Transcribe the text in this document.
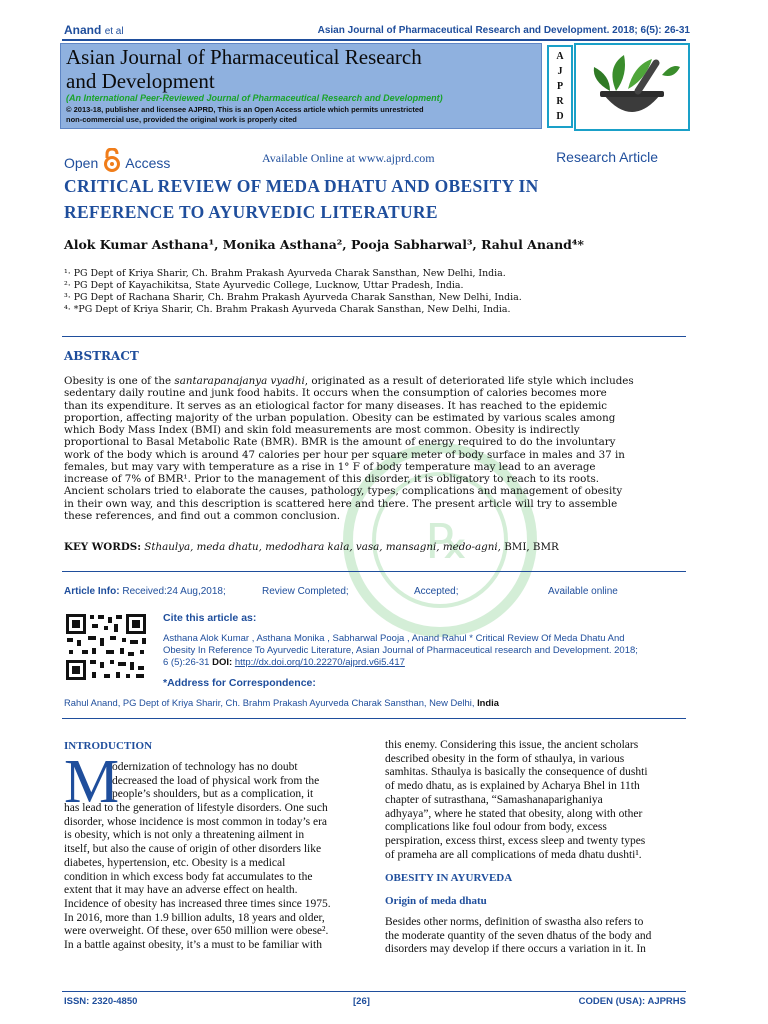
Anand et al	Asian Journal of Pharmaceutical Research and Development. 2018; 6(5): 26-31
Asian Journal of Pharmaceutical Research
and Development
(An International Peer-Reviewed Journal of Pharmaceutical Research and Development)
© 2013-18, publisher and licensee AJPRD, This is an Open Access article which permits unrestricted
non-commercial use, provided the original work is properly cited
A
J
P
R
D
Open Access	Available Online at www.ajprd.com	Research Article
CRITICAL REVIEW OF MEDA DHATU AND OBESITY IN
REFERENCE TO AYURVEDIC LITERATURE
Alok Kumar Asthana¹, Monika Asthana², Pooja Sabharwal³, Rahul Anand⁴*
¹· PG Dept of Kriya Sharir, Ch. Brahm Prakash Ayurveda Charak Sansthan, New Delhi, India.
²· PG Dept of Kayachikitsa, State Ayurvedic College, Lucknow, Uttar Pradesh, India.
³· PG Dept of Rachana Sharir, Ch. Brahm Prakash Ayurveda Charak Sansthan, New Delhi, India.
⁴· *PG Dept of Kriya Sharir, Ch. Brahm Prakash Ayurveda Charak Sansthan, New Delhi, India.
℞
ABSTRACT
Obesity is one of the santarapanajanya vyadhi, originated as a result of deteriorated life style which includes
sedentary daily routine and junk food habits. It occurs when the consumption of calories becomes more
than its expenditure. It serves as an etiological factor for many diseases. It has reached to the epidemic
proportion, affecting majority of the urban population. Obesity can be estimated by various scales among
which Body Mass Index (BMI) and skin fold measurements are most common. Obesity is indirectly
proportional to Basal Metabolic Rate (BMR). BMR is the amount of energy required to do the involuntary
work of the body which is around 47 calories per hour per square meter of body surface in males and 37 in
females, but may vary with temperature as a rise in 1° F of body temperature may lead to an average
increase of 7% of BMR¹. Prior to the management of this disorder, it is obligatory to reach to its roots.
Ancient scholars tried to elaborate the causes, pathology, types, complications and management of obesity
in their own way, and this description is scattered here and there. The present article will try to assemble
these references, and find out a common conclusion.
KEY WORDS: Sthaulya, meda dhatu, medodhara kala, vasa, mansagni, medo-agni, BMI, BMR
Article Info: Received:24 Aug,2018;	Review Completed;	Accepted;	Available online
Cite this article as:
Asthana Alok Kumar , Asthana Monika , Sabharwal Pooja , Anand Rahul * Critical Review Of Meda Dhatu And
Obesity In Reference To Ayurvedic Literature, Asian Journal of Pharmaceutical research and Development. 2018;
6 (5):26-31 DOI: http://dx.doi.org/10.22270/ajprd.v6i5.417
*Address for Correspondence:
Rahul Anand, PG Dept of Kriya Sharir, Ch. Brahm Prakash Ayurveda Charak Sansthan, New Delhi, India
INTRODUCTION
M
odernization of technology has no doubt
decreased the load of physical work from the
people’s shoulders, but as a complication, it
has lead to the generation of lifestyle disorders. One such
disorder, whose incidence is most common in today’s era
is obesity, which is not only a threatening ailment in
itself, but also the cause of origin of other disorders like
diabetes, hypertension, etc. Obesity is a medical
condition in which excess body fat accumulates to the
extent that it may have an adverse effect on health.
Incidence of obesity has increased three times since 1975.
In 2016, more than 1.9 billion adults, 18 years and older,
were overweight. Of these, over 650 million were obese².
In a battle against obesity, it’s a must to be familiar with
this enemy. Considering this issue, the ancient scholars
described obesity in the form of sthaulya, in various
samhitas. Sthaulya is basically the consequence of dushti
of medo dhatu, as is explained by Acharya Bhel in 11th
chapter of sutrasthana, “Samashanaparighaniya
adhyaya”, where he stated that obesity, along with other
complications like foul odour from body, excess
perspiration, excess thirst, excess sleep and twenty types
of prameha are all complications of meda dhatu dushti¹.
OBESITY IN AYURVEDA
Origin of meda dhatu
Besides other norms, definition of swastha also refers to
the moderate quantity of the seven dhatus of the body and
disorders may develop if there occurs a variation in it. In
ISSN: 2320-4850	[26]	CODEN (USA): AJPRHS
